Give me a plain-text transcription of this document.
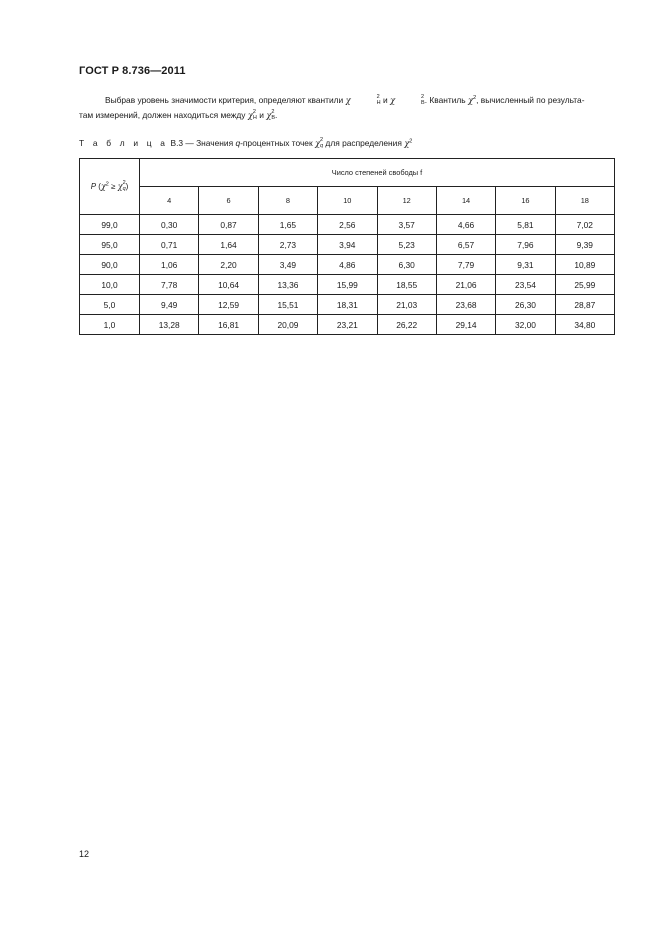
ГОСТ Р 8.736—2011
Выбрав уровень значимости критерия, определяют квантили χ	2
Н и χ	2
В . Квантиль $\chi^2$, вычисленный по результа-
там измерений, должен находиться между χ 2
Н и χ 2
В .
Т а б л и ц а В.3 — Значения q-процентных точек χ 2
q для распределения $\chi^2$
P ($\chi^2 \ge \chi$ 2
q )	Число степеней свободы f							
	4	6	8	10	12	14	16	18
99,0	0,30	0,87	1,65	2,56	3,57	4,66	5,81	7,02
95,0	0,71	1,64	2,73	3,94	5,23	6,57	7,96	9,39
90,0	1,06	2,20	3,49	4,86	6,30	7,79	9,31	10,89
10,0	7,78	10,64	13,36	15,99	18,55	21,06	23,54	25,99
5,0	9,49	12,59	15,51	18,31	21,03	23,68	26,30	28,87
1,0	13,28	16,81	20,09	23,21	26,22	29,14	32,00	34,80
12
